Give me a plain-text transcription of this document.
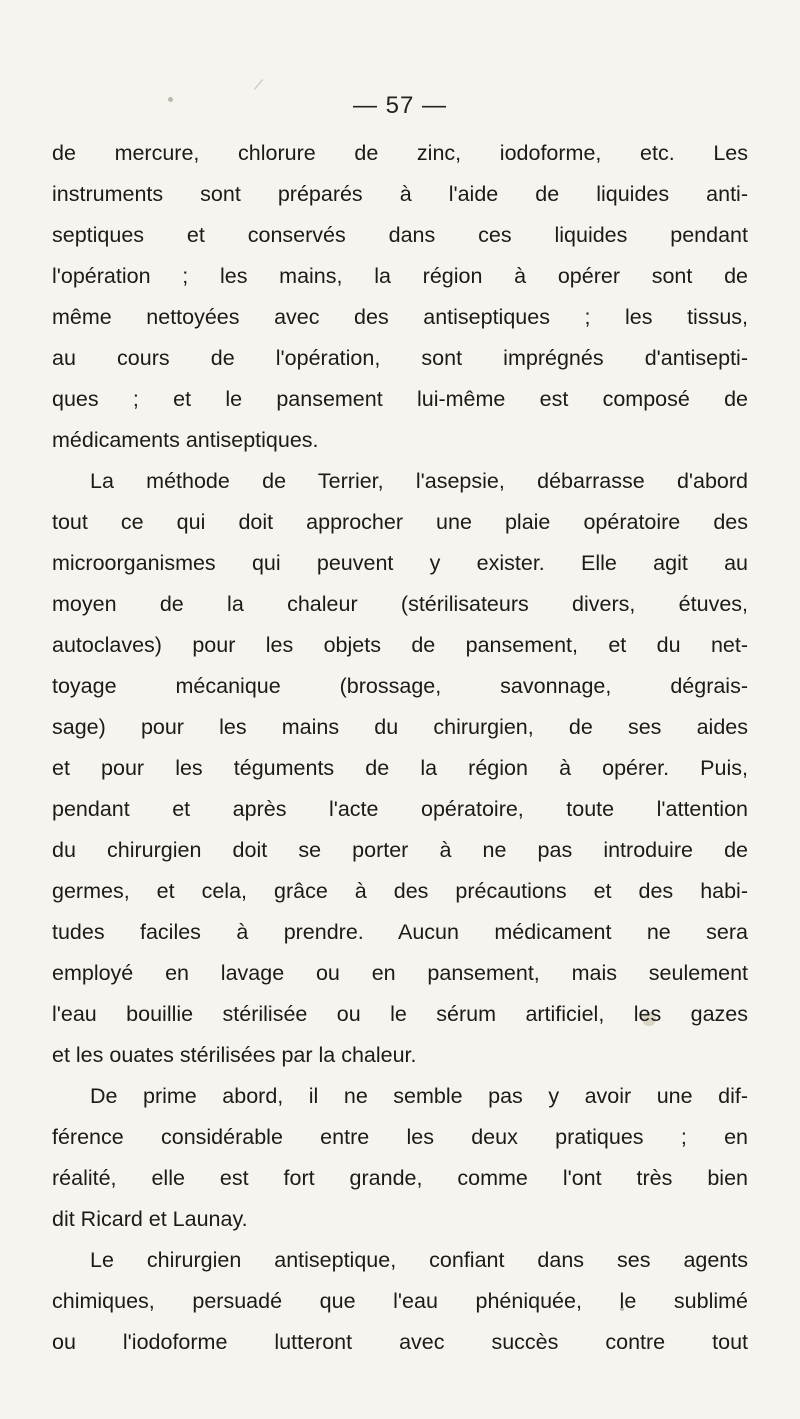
— 57 —
de mercure, chlorure de zinc, iodoforme, etc. Les
instruments sont préparés à l'aide de liquides anti-
septiques et conservés dans ces liquides pendant
l'opération ; les mains, la région à opérer sont de
même nettoyées avec des antiseptiques ; les tissus,
au cours de l'opération, sont imprégnés d'antisepti-
ques ; et le pansement lui-même est composé de
médicaments antiseptiques.
La méthode de Terrier, l'asepsie, débarrasse d'abord
tout ce qui doit approcher une plaie opératoire des
microorganismes qui peuvent y exister. Elle agit au
moyen de la chaleur (stérilisateurs divers, étuves,
autoclaves) pour les objets de pansement, et du net-
toyage mécanique (brossage, savonnage, dégrais-
sage) pour les mains du chirurgien, de ses aides
et pour les téguments de la région à opérer. Puis,
pendant et après l'acte opératoire, toute l'attention
du chirurgien doit se porter à ne pas introduire de
germes, et cela, grâce à des précautions et des habi-
tudes faciles à prendre. Aucun médicament ne sera
employé en lavage ou en pansement, mais seulement
l'eau bouillie stérilisée ou le sérum artificiel, les gazes
et les ouates stérilisées par la chaleur.
De prime abord, il ne semble pas y avoir une dif-
férence considérable entre les deux pratiques ; en
réalité, elle est fort grande, comme l'ont très bien
dit Ricard et Launay.
Le chirurgien antiseptique, confiant dans ses agents
chimiques, persuadé que l'eau phéniquée, le sublimé
ou l'iodoforme lutteront avec succès contre tout
